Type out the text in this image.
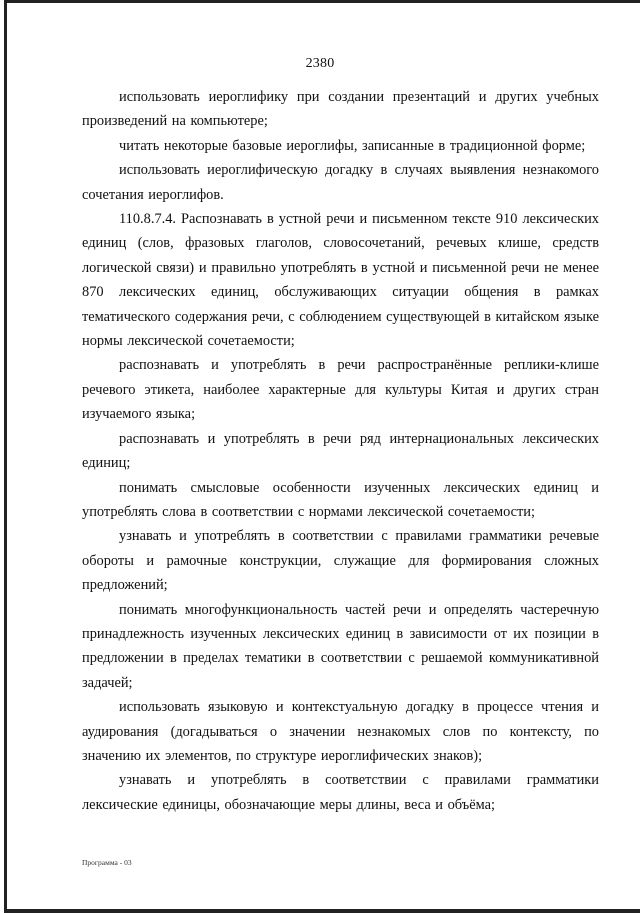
2380

использовать иероглифику при создании презентаций и других учебных произведений на компьютере;

читать некоторые базовые иероглифы, записанные в традиционной форме;

использовать иероглифическую догадку в случаях выявления незнакомого сочетания иероглифов.

110.8.7.4. Распознавать в устной речи и письменном тексте 910 лексических единиц (слов, фразовых глаголов, словосочетаний, речевых клише, средств логической связи) и правильно употреблять в устной и письменной речи не менее 870 лексических единиц, обслуживающих ситуации общения в рамках тематического содержания речи, с соблюдением существующей в китайском языке нормы лексической сочетаемости;

распознавать и употреблять в речи распространённые реплики-клише речевого этикета, наиболее характерные для культуры Китая и других стран изучаемого языка;

распознавать и употреблять в речи ряд интернациональных лексических единиц;

понимать смысловые особенности изученных лексических единиц и употреблять слова в соответствии с нормами лексической сочетаемости;

узнавать и употреблять в соответствии с правилами грамматики речевые обороты и рамочные конструкции, служащие для формирования сложных предложений;

понимать многофункциональность частей речи и определять частеречную принадлежность изученных лексических единиц в зависимости от их позиции в предложении в пределах тематики в соответствии с решаемой коммуникативной задачей;

использовать языковую и контекстуальную догадку в процессе чтения и аудирования (догадываться о значении незнакомых слов по контексту, по значению их элементов, по структуре иероглифических знаков);

узнавать и употреблять в соответствии с правилами грамматики лексические единицы, обозначающие меры длины, веса и объёма;

Программа - 03
